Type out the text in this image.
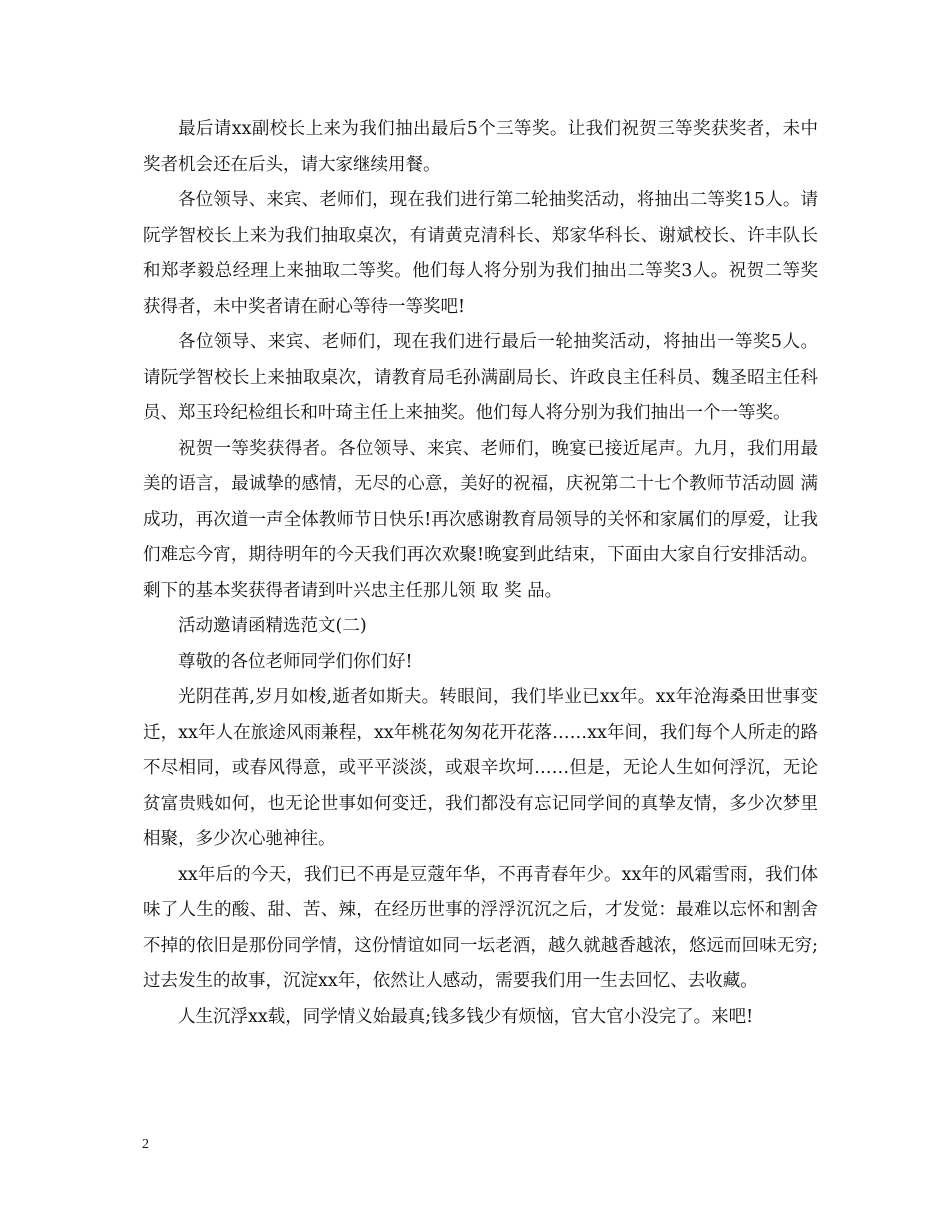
最后请xx副校长上来为我们抽出最后5个三等奖。让我们祝贺三等奖获奖者，未中奖者机会还在后头，请大家继续用餐。

各位领导、来宾、老师们，现在我们进行第二轮抽奖活动，将抽出二等奖15人。请阮学智校长上来为我们抽取桌次，有请黄克清科长、郑家华科长、谢斌校长、许丰队长和郑孝毅总经理上来抽取二等奖。他们每人将分别为我们抽出二等奖3人。祝贺二等奖获得者，未中奖者请在耐心等待一等奖吧!

各位领导、来宾、老师们，现在我们进行最后一轮抽奖活动，将抽出一等奖5人。请阮学智校长上来抽取桌次，请教育局毛孙满副局长、许政良主任科员、魏圣昭主任科员、郑玉玲纪检组长和叶琦主任上来抽奖。他们每人将分别为我们抽出一个一等奖。

祝贺一等奖获得者。各位领导、来宾、老师们，晚宴已接近尾声。九月，我们用最美的语言，最诚挚的感情，无尽的心意，美好的祝福，庆祝第二十七个教师节活动圆 满成功，再次道一声全体教师节日快乐!再次感谢教育局领导的关怀和家属们的厚爱，让我们难忘今宵，期待明年的今天我们再次欢聚!晚宴到此结束，下面由大家自行安排活动。剩下的基本奖获得者请到叶兴忠主任那儿领 取 奖 品。

活动邀请函精选范文(二)

尊敬的各位老师同学们你们好!

光阴荏苒,岁月如梭,逝者如斯夫。转眼间，我们毕业已xx年。xx年沧海桑田世事变迁，xx年人在旅途风雨兼程，xx年桃花匆匆花开花落……xx年间，我们每个人所走的路不尽相同，或春风得意，或平平淡淡，或艰辛坎坷……但是，无论人生如何浮沉，无论贫富贵贱如何，也无论世事如何变迁，我们都没有忘记同学间的真挚友情，多少次梦里相聚，多少次心驰神往。

xx年后的今天，我们已不再是豆蔻年华，不再青春年少。xx年的风霜雪雨，我们体味了人生的酸、甜、苦、辣，在经历世事的浮浮沉沉之后，才发觉：最难以忘怀和割舍不掉的依旧是那份同学情，这份情谊如同一坛老酒，越久就越香越浓，悠远而回味无穷;过去发生的故事，沉淀xx年，依然让人感动，需要我们用一生去回忆、去收藏。

人生沉浮xx载，同学情义始最真;钱多钱少有烦恼，官大官小没完了。来吧!

2
